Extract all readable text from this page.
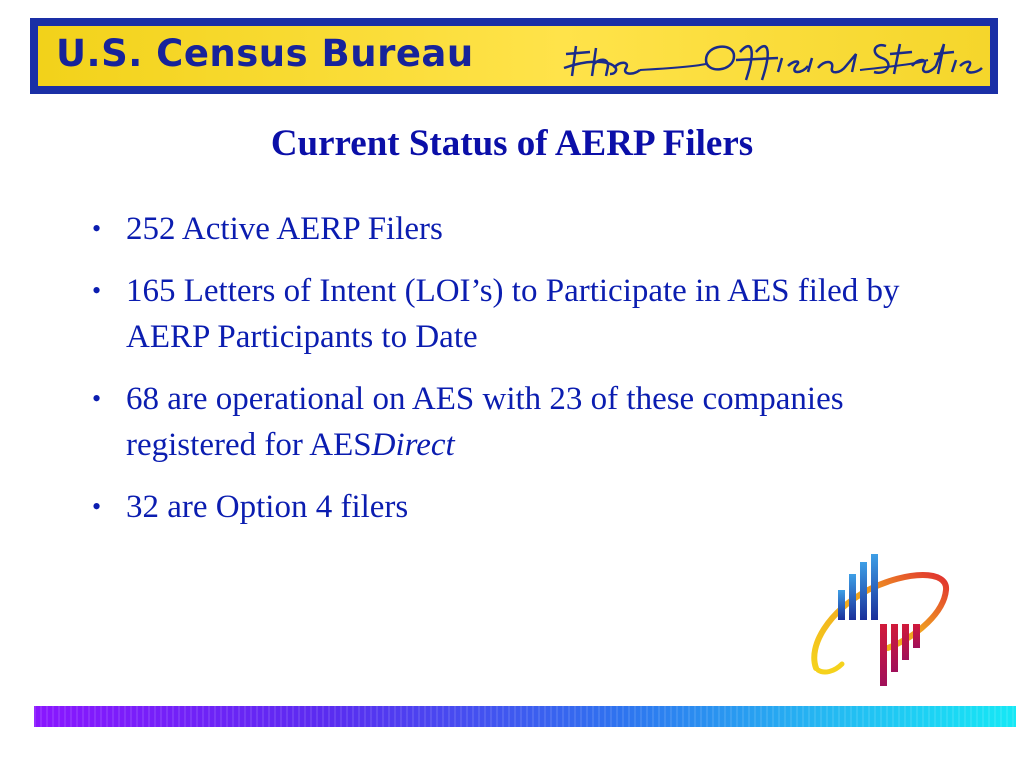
U.S. Census Bureau
Current Status of AERP Filers
• 252 Active AERP Filers
• 165 Letters of Intent (LOI’s) to Participate in AES filed by AERP Participants to Date
• 68 are operational on AES with 23 of these companies registered for AESDirect
• 32 are Option 4 filers
